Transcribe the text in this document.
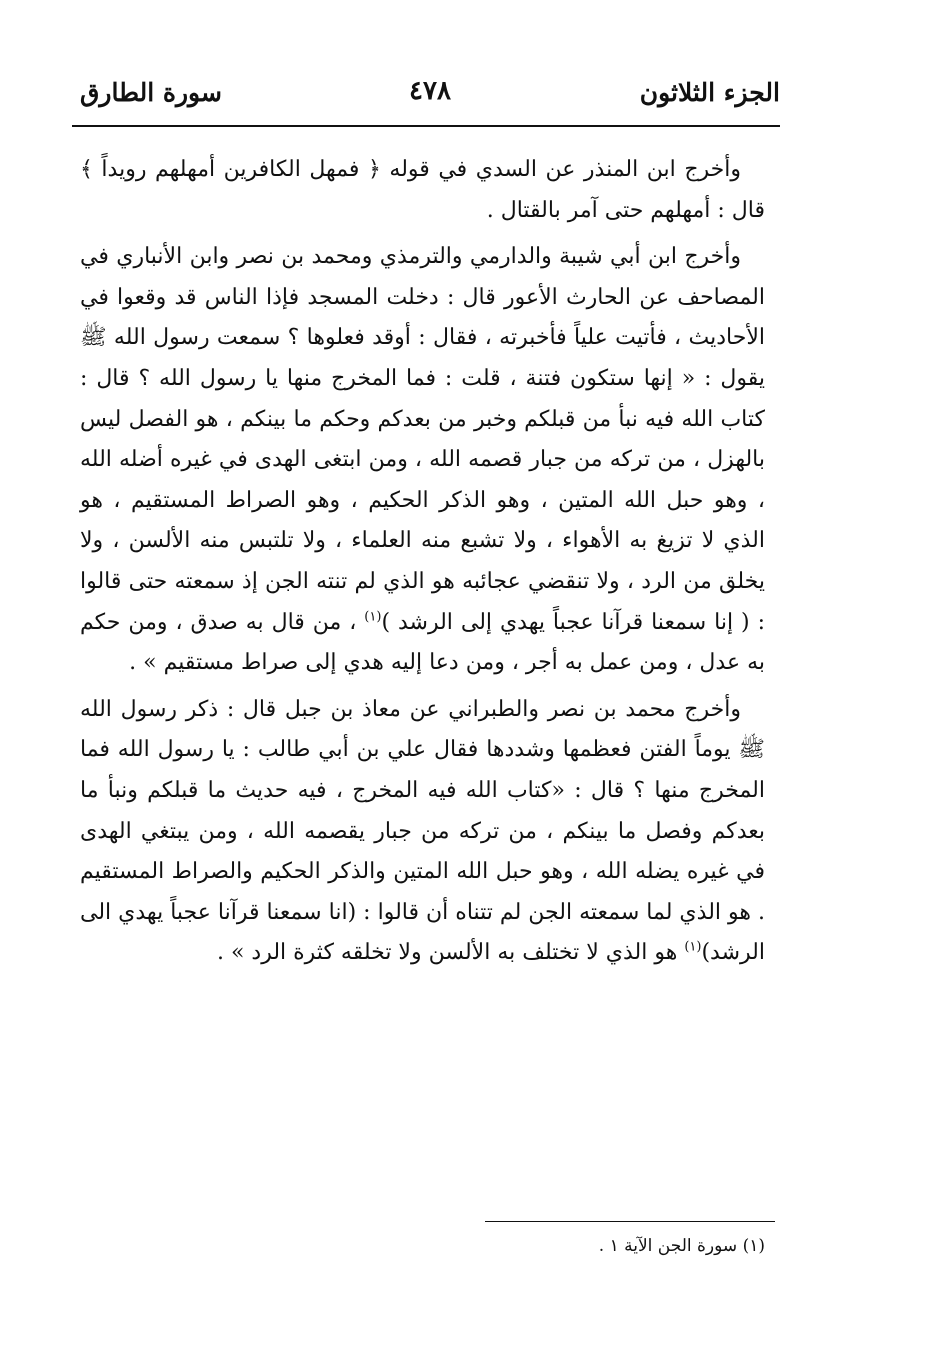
الجزء الثلاثون
٤٧٨
سورة الطارق

وأخرج ابن المنذر عن السدي في قوله ﴿ فمهل الكافرين أمهلهم رويداً ﴾ قال : أمهلهم حتى آمر بالقتال .

وأخرج ابن أبي شيبة والدارمي والترمذي ومحمد بن نصر وابن الأنباري في المصاحف عن الحارث الأعور قال : دخلت المسجد فإذا الناس قد وقعوا في الأحاديث ، فأتيت علياً فأخبرته ، فقال : أوقد فعلوها ؟ سمعت رسول الله ﷺ يقول : « إنها ستكون فتنة ، قلت : فما المخرج منها يا رسول الله ؟ قال : كتاب الله فيه نبأ من قبلكم وخبر من بعدكم وحكم ما بينكم ، هو الفصل ليس بالهزل ، من تركه من جبار قصمه الله ، ومن ابتغى الهدى في غيره أضله الله ، وهو حبل الله المتين ، وهو الذكر الحكيم ، وهو الصراط المستقيم ، هو الذي لا تزيغ به الأهواء ، ولا تشبع منه العلماء ، ولا تلتبس منه الألسن ، ولا يخلق من الرد ، ولا تنقضي عجائبه هو الذي لم تنته الجن إذ سمعته حتى قالوا : ( إنا سمعنا قرآنا عجباً يهدي إلى الرشد )$^{(١)}$ ، من قال به صدق ، ومن حكم به عدل ، ومن عمل به أجر ، ومن دعا إليه هدي إلى صراط مستقيم » .

وأخرج محمد بن نصر والطبراني عن معاذ بن جبل قال : ذكر رسول الله ﷺ يوماً الفتن فعظمها وشددها فقال علي بن أبي طالب : يا رسول الله فما المخرج منها ؟ قال : «كتاب الله فيه المخرج ، فيه حديث ما قبلكم ونبأ ما بعدكم وفصل ما بينكم ، من تركه من جبار يقصمه الله ، ومن يبتغي الهدى في غيره يضله الله ، وهو حبل الله المتين والذكر الحكيم والصراط المستقيم . هو الذي لما سمعته الجن لم تتناه أن قالوا : (انا سمعنا قرآنا عجباً يهدي الى الرشد)$^{(١)}$ هو الذي لا تختلف به الألسن ولا تخلقه كثرة الرد » .

(١) سورة الجن الآية ١ .
